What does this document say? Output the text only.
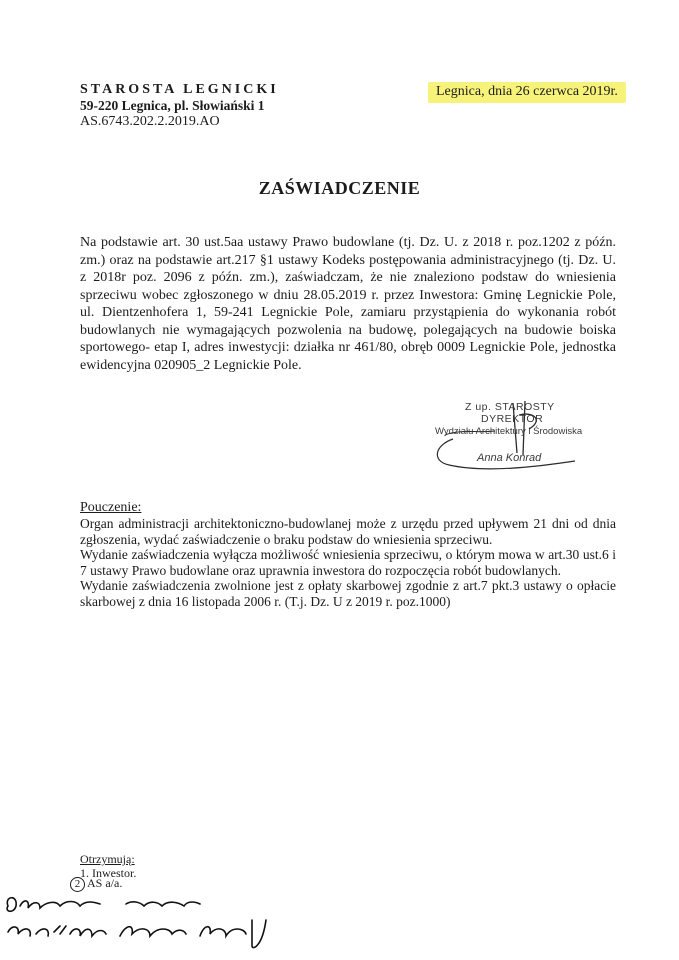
STAROSTA LEGNICKI
59-220 Legnica, pl. Słowiański 1
AS.6743.202.2.2019.AO
Legnica, dnia 26 czerwca 2019r.
ZAŚWIADCZENIE
Na podstawie art. 30 ust.5aa ustawy Prawo budowlane (tj. Dz. U. z 2018 r. poz.1202 z późn. zm.) oraz na podstawie art.217 §1 ustawy Kodeks postępowania administracyjnego (tj. Dz. U. z 2018r poz. 2096 z późn. zm.), zaświadczam, że nie znaleziono podstaw do wniesienia sprzeciwu wobec zgłoszonego w dniu 28.05.2019 r. przez Inwestora: Gminę Legnickie Pole, ul. Dientzenhofera 1, 59-241 Legnickie Pole, zamiaru przystąpienia do wykonania robót budowlanych nie wymagających pozwolenia na budowę, polegających na budowie boiska sportowego- etap I, adres inwestycji: działka nr 461/80, obręb 0009 Legnickie Pole, jednostka ewidencyjna 020905_2 Legnickie Pole.
Z up. STAROSTY
DYREKTOR
Wydziału Architektury i Środowiska
Anna Konrad
Pouczenie:

Organ administracji architektoniczno-budowlanej może z urzędu przed upływem 21 dni od dnia zgłoszenia, wydać zaświadczenie o braku podstaw do wniesienia sprzeciwu.

Wydanie zaświadczenia wyłącza możliwość wniesienia sprzeciwu, o którym mowa w art.30 ust.6 i 7 ustawy Prawo budowlane oraz uprawnia inwestora do rozpoczęcia robót budowlanych.

Wydanie zaświadczenia zwolnione jest z opłaty skarbowej zgodnie z art.7 pkt.3 ustawy o opłacie skarbowej z dnia 16 listopada 2006 r. (T.j. Dz. U z 2019 r. poz.1000)

Otrzymują:
1. Inwestor.
2 AS a/a.
